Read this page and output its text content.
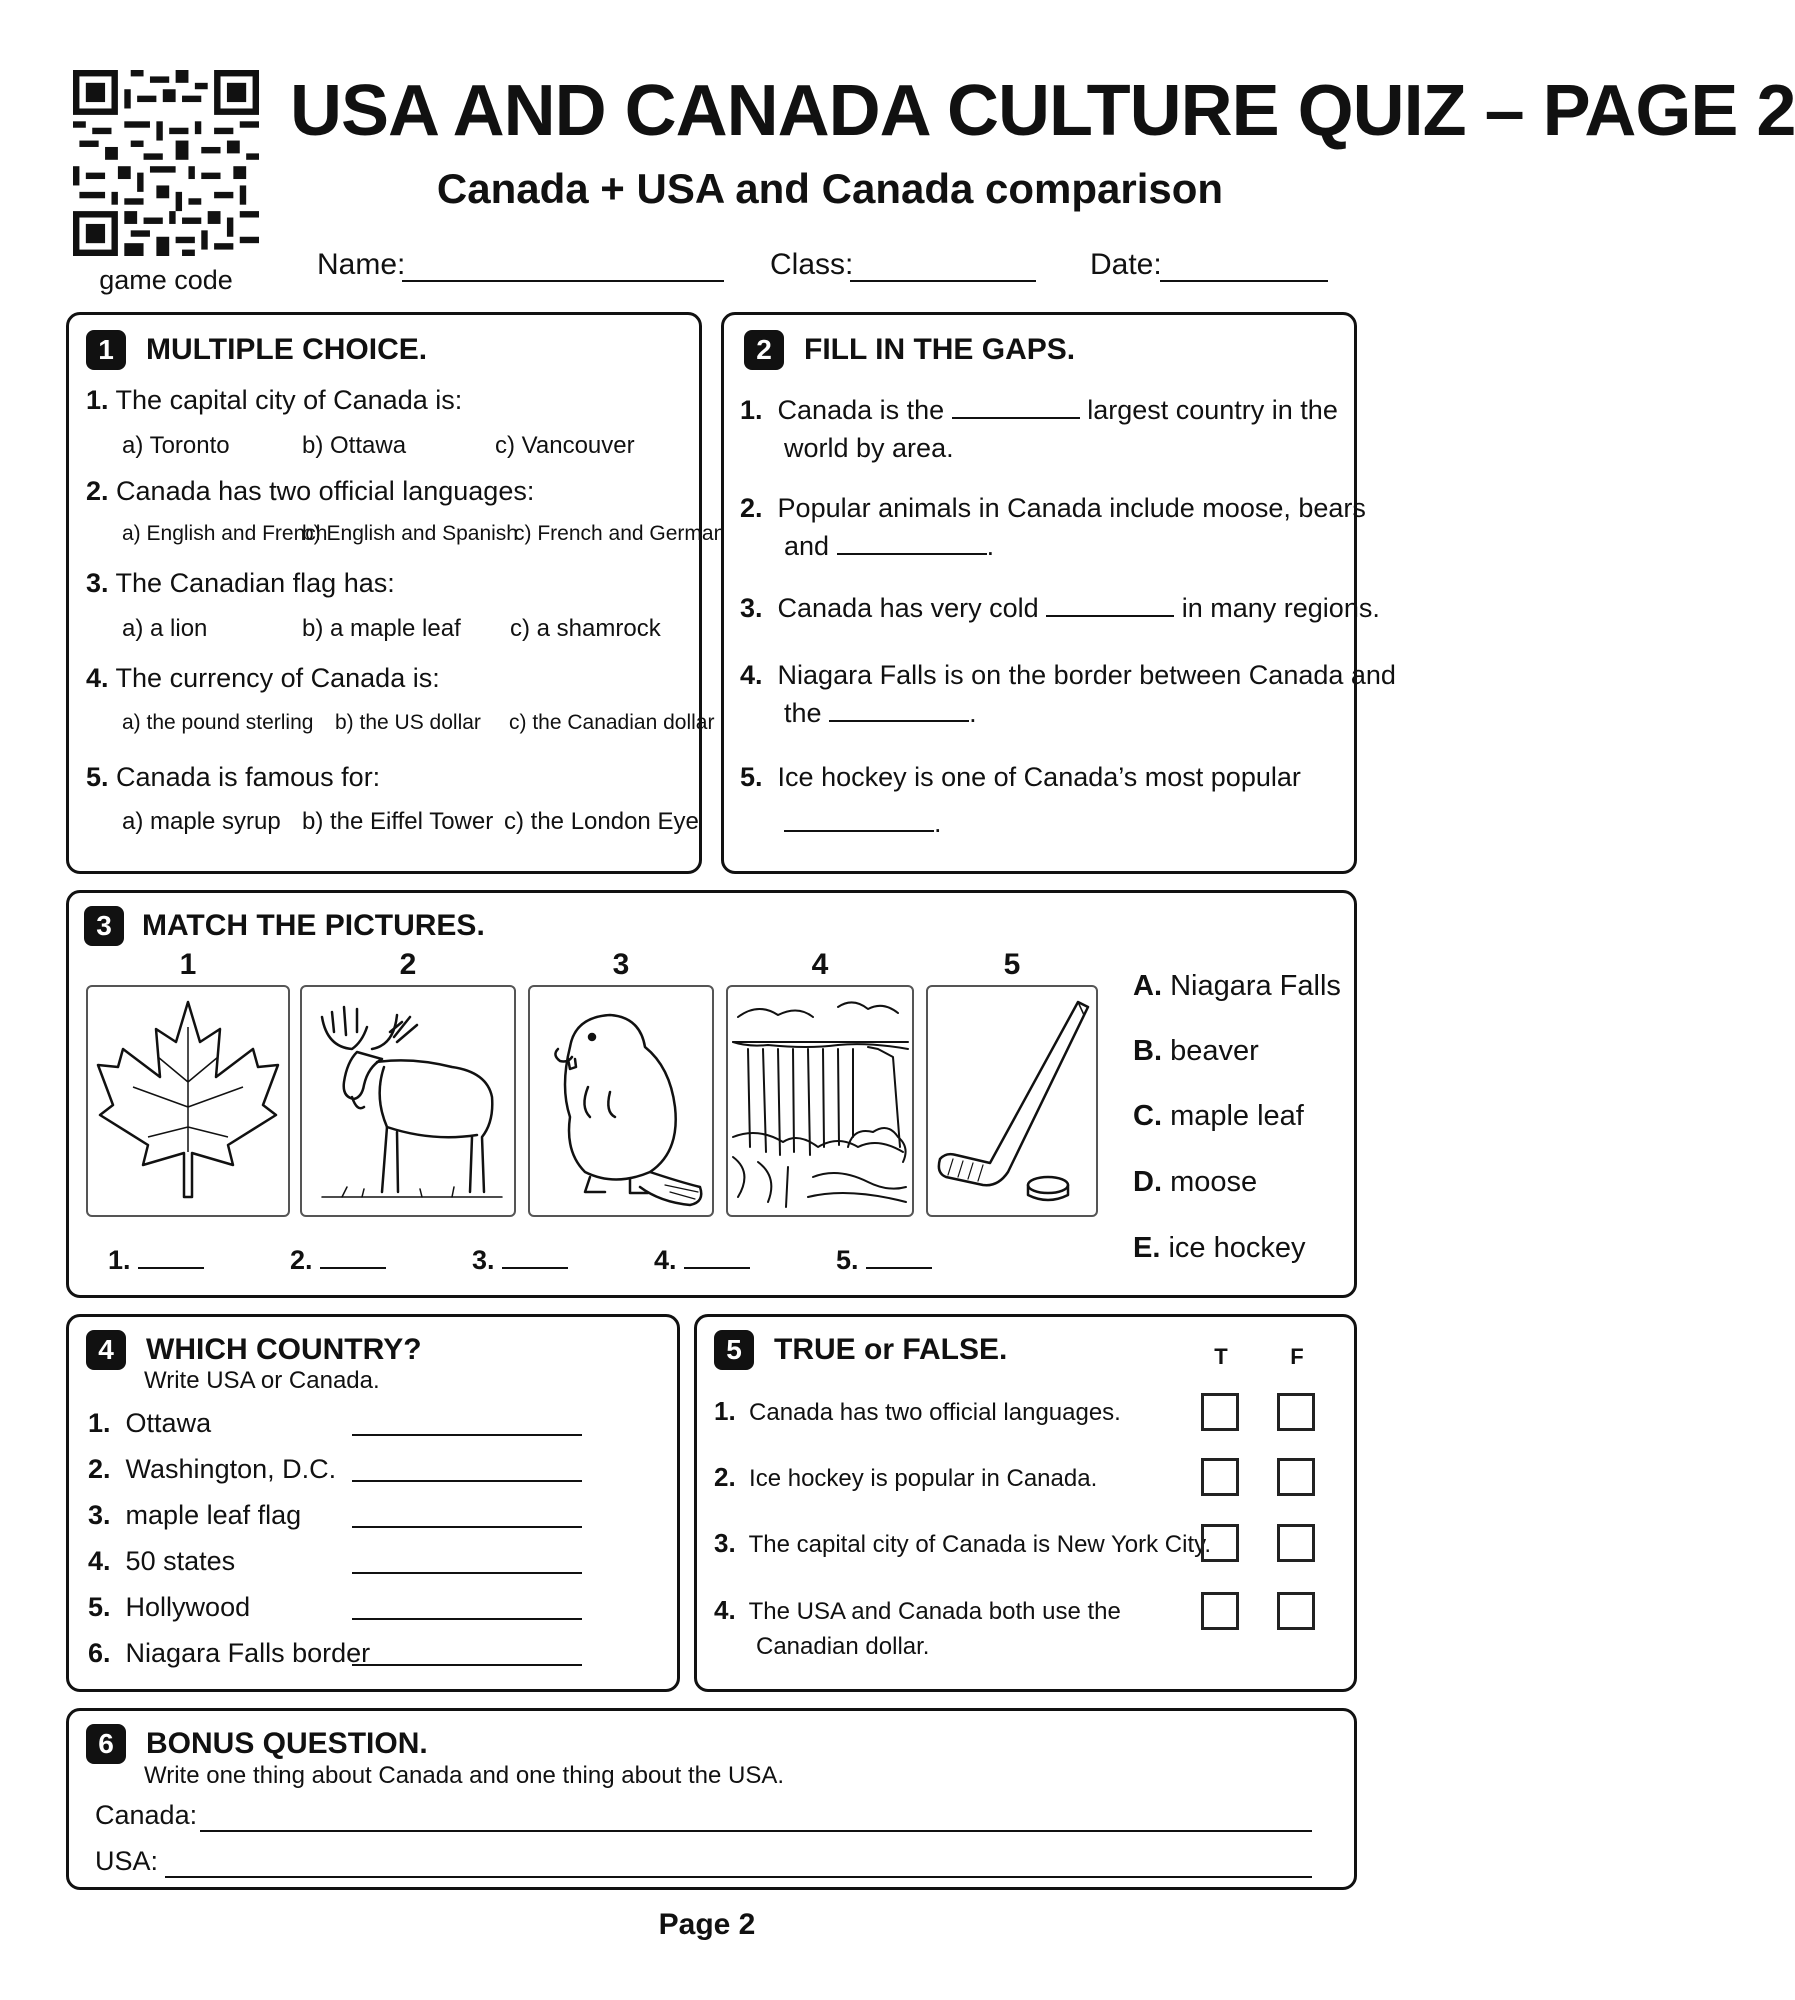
game code
USA AND CANADA CULTURE QUIZ – PAGE 2
Canada + USA and Canada comparison
Name:	Class:	Date:
1	MULTIPLE CHOICE.
1. The capital city of Canada is:
a) Toronto	b) Ottawa	c) Vancouver
2. Canada has two official languages:
a) English and French
b) English and Spanish
c) French and German
3. The Canadian flag has:
a) a lion	b) a maple leaf c) a shamrock
4. The currency of Canada is:
a) the pound sterling b) the US dollar c) the Canadian dollar
5. Canada is famous for:
a) maple syrup b) the Eiffel Tower c) the London Eye
2	FILL IN THE GAPS.
1. Canada is the	largest country in the
world by area.
2. Popular animals in Canada include moose, bears
and	.
3. Canada has very cold	in many regions.
4. Niagara Falls is on the border between Canada and
the	.
5. Ice hockey is one of Canada’s most popular
.
3	MATCH THE PICTURES.
1	2	3	4	5
A. Niagara Falls
B. beaver
C. maple leaf
D. moose
E. ice hockey
1.	2.	3.	4.	5.
4	WHICH COUNTRY?
Write USA or Canada.
1. Ottawa
2. Washington, D.C.
3. maple leaf flag
4. 50 states
5. Hollywood
6. Niagara Falls border
5	TRUE or FALSE.	T	F
1. Canada has two official languages.
2. Ice hockey is popular in Canada.
3. The capital city of Canada is New York City.
4. The USA and Canada both use the
Canadian dollar.
6	BONUS QUESTION.
Write one thing about Canada and one thing about the USA.
Canada:
USA:
Page 2
